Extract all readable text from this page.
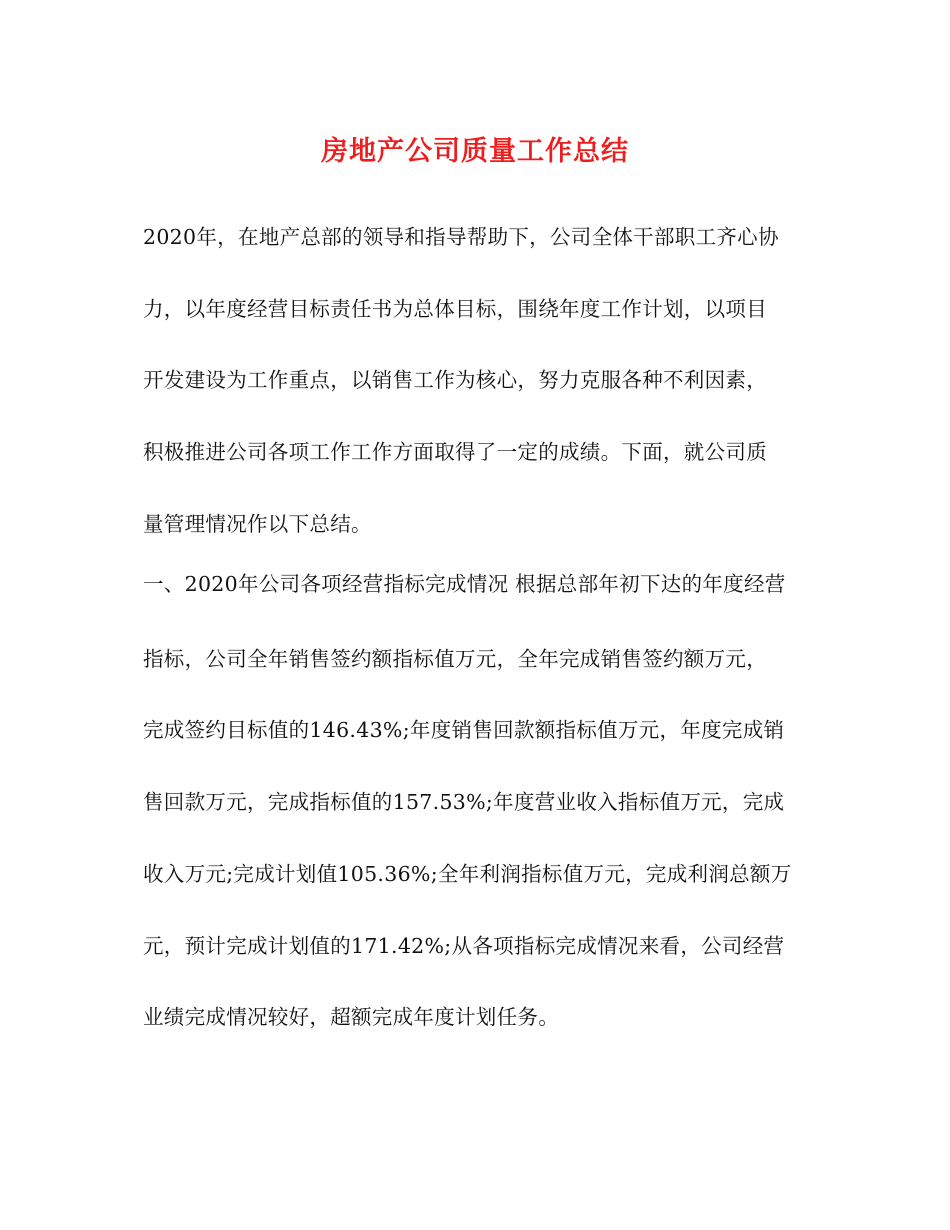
房地产公司质量工作总结
2020年，在地产总部的领导和指导帮助下，公司全体干部职工齐心协
力，以年度经营目标责任书为总体目标，围绕年度工作计划，以项目
开发建设为工作重点，以销售工作为核心，努力克服各种不利因素，
积极推进公司各项工作工作方面取得了一定的成绩。下面，就公司质
量管理情况作以下总结。
一、2020年公司各项经营指标完成情况 根据总部年初下达的年度经营
指标，公司全年销售签约额指标值万元，全年完成销售签约额万元，
完成签约目标值的146.43%;年度销售回款额指标值万元，年度完成销
售回款万元，完成指标值的157.53%;年度营业收入指标值万元，完成
收入万元;完成计划值105.36%;全年利润指标值万元，完成利润总额万
元，预计完成计划值的171.42%;从各项指标完成情况来看，公司经营
业绩完成情况较好，超额完成年度计划任务。
